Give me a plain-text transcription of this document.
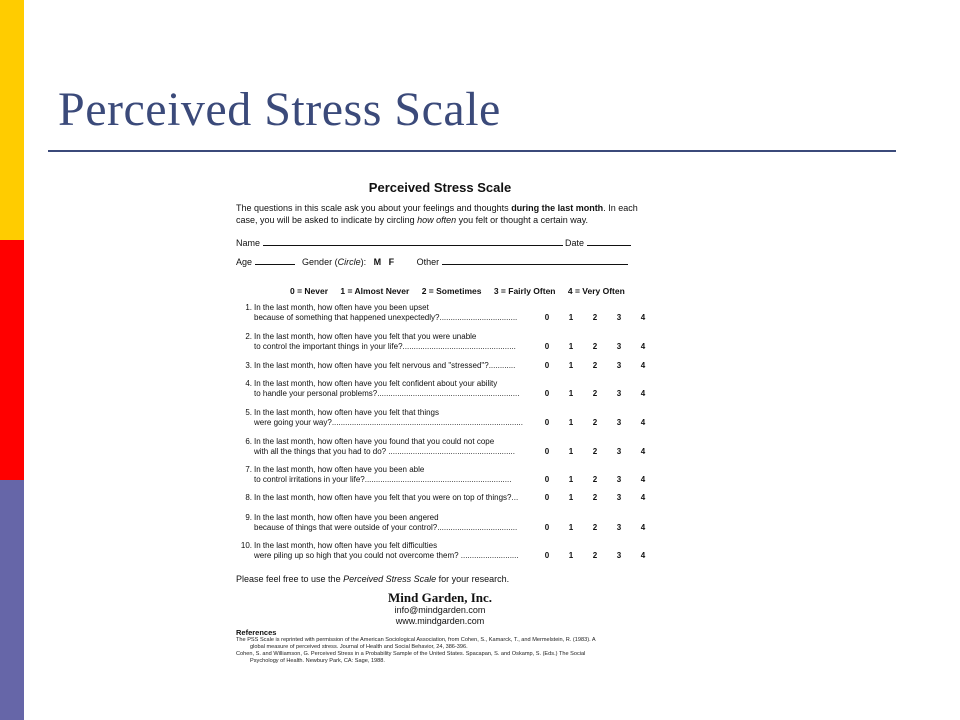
Perceived Stress Scale
Perceived Stress Scale
The questions in this scale ask you about your feelings and thoughts during the last month. In each case, you will be asked to indicate by circling how often you felt or thought a certain way.
Name	Date
Age	Gender (Circle): M F	Other
0 = Never 1 = Almost Never 2 = Sometimes 3 = Fairly Often 4 = Very Often
1. In the last month, how often have you been upset
because of something that happened unexpectedly?...................................	0	1	2	3	4
2. In the last month, how often have you felt that you were unable
to control the important things in your life?...................................................	0	1	2	3	4
3. In the last month, how often have you felt nervous and "stressed"?............	0	1	2	3	4
4. In the last month, how often have you felt confident about your ability
to handle your personal problems?................................................................	0	1	2	3	4
5. In the last month, how often have you felt that things
were going your way?......................................................................................	0	1	2	3	4
6. In the last month, how often have you found that you could not cope
with all the things that you had to do? .........................................................	0	1	2	3	4
7. In the last month, how often have you been able
to control irritations in your life?..................................................................	0	1	2	3	4
8. In the last month, how often have you felt that you were on top of things?...	0	1	2	3	4
9. In the last month, how often have you been angered
because of things that were outside of your control?....................................	0	1	2	3	4
10. In the last month, how often have you felt difficulties
were piling up so high that you could not overcome them? ..........................	0	1	2	3	4
Please feel free to use the Perceived Stress Scale for your research.
Mind Garden, Inc.
info@mindgarden.com
www.mindgarden.com
References
The PSS Scale is reprinted with permission of the American Sociological Association, from Cohen, S., Kamarck, T., and Mermelstein, R. (1983). A
global measure of perceived stress. Journal of Health and Social Behavior, 24, 386-396.
Cohen, S. and Williamson, G. Perceived Stress in a Probability Sample of the United States. Spacapan, S. and Oskamp, S. (Eds.) The Social
Psychology of Health. Newbury Park, CA: Sage, 1988.
